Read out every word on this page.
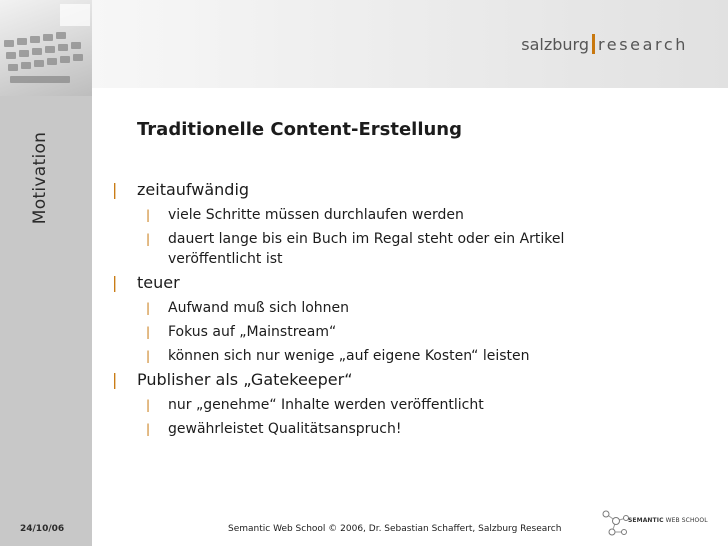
Motivation
24/10/06
salzburg research
Traditionelle Content-Erstellung
| zeitaufwändig
| viele Schritte müssen durchlaufen werden
| dauert lange bis ein Buch im Regal steht oder ein Artikel veröffentlicht ist
| teuer
| Aufwand muß sich lohnen
| Fokus auf „Mainstream“
| können sich nur wenige „auf eigene Kosten“ leisten
| Publisher als „Gatekeeper“
| nur „genehme“ Inhalte werden veröffentlicht
| gewährleistet Qualitätsanspruch!
Semantic Web School © 2006, Dr. Sebastian Schaffert, Salzburg Research
SEMANTIC WEB SCHOOL
